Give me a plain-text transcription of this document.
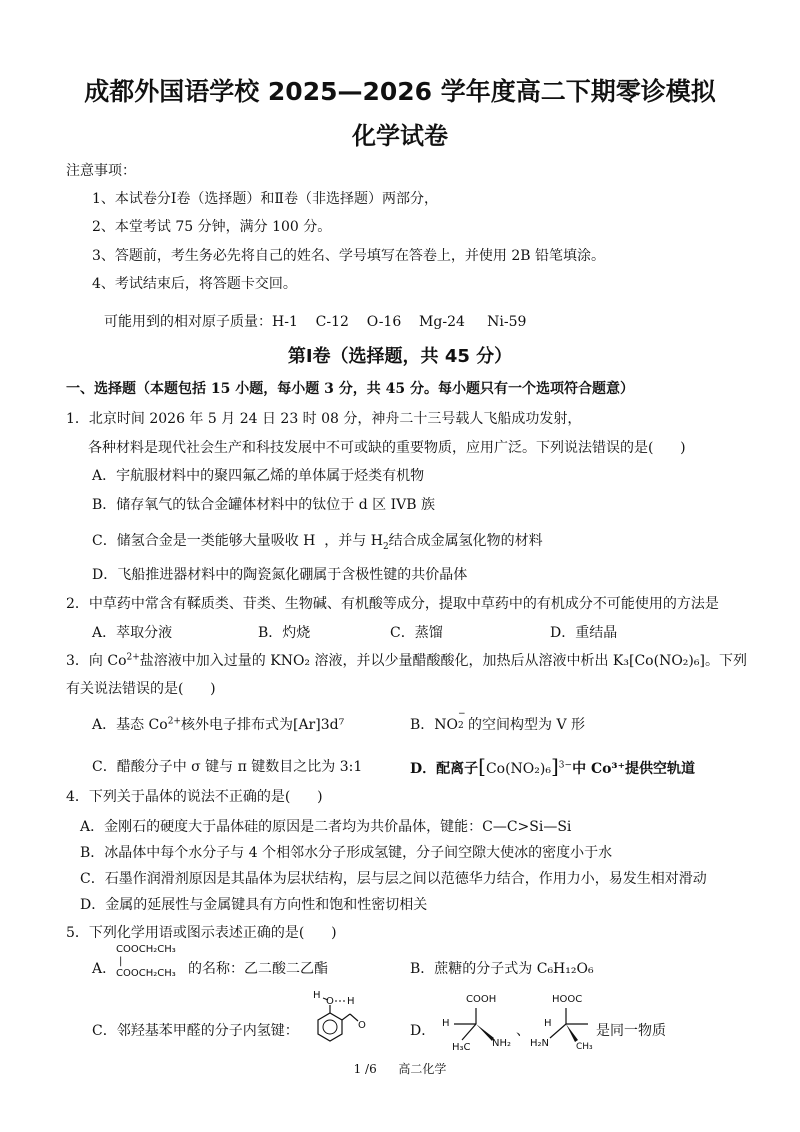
成都外国语学校 2025—2026 学年度高二下期零诊模拟
化学试卷
注意事项：
1、本试卷分Ⅰ卷（选择题）和Ⅱ卷（非选择题）两部分，
2、本堂考试 75 分钟，满分 100 分。
3、答题前，考生务必先将自己的姓名、学号填写在答卷上，并使用 2B 铅笔填涂。
4、考试结束后，将答题卡交回。
可能用到的相对原子质量：H-1    C-12    O-16    Mg-24     Ni-59
第Ⅰ卷（选择题，共 45 分）
一、选择题（本题包括 15 小题，每小题 3 分，共 45 分。每小题只有一个选项符合题意）
1．北京时间 2026 年 5 月 24 日 23 时 08 分，神舟二十三号载人飞船成功发射，
各种材料是现代社会生产和科技发展中不可或缺的重要物质，应用广泛。下列说法错误的是(      )
A．宇航服材料中的聚四氟乙烯的单体属于烃类有机物
B．储存氧气的钛合金罐体材料中的钛位于 d 区 IVB 族
C．储氢合金是一类能够大量吸收 H  ，并与 $H_2$结合成金属氢化物的材料
D．飞船推进器材料中的陶瓷氮化硼属于含极性键的共价晶体
2．中草药中常含有鞣质类、苷类、生物碱、有机酸等成分，提取中草药中的有机成分不可能使用的方法是
A．萃取分液	B．灼烧	C．蒸馏	D．重结晶
3．向 $Co^{2+}$盐溶液中加入过量的 KNO₂ 溶液，并以少量醋酸酸化，加热后从溶液中析出 K₃[Co(NO₂)₆]。下列
有关说法错误的是(      )
A．基态 $Co^{2+}$核外电子排布式为[Ar]3d⁷	B．NO
−
2 的空间构型为 V 形
C．醋酸分子中 σ 键与 π 键数目之比为 3:1	D．配离子$[Co(NO_2)_6]^{3-}$中 Co³⁺提供空轨道
4．下列关于晶体的说法不正确的是(      )
A．金刚石的硬度大于晶体硅的原因是二者均为共价晶体，键能：C—C>Si—Si
B．冰晶体中每个水分子与 4 个相邻水分子形成氢键，分子间空隙大使冰的密度小于水
C．石墨作润滑剂原因是其晶体为层状结构，层与层之间以范德华力结合，作用力小，易发生相对滑动
D．金属的延展性与金属键具有方向性和饱和性密切相关
5．下列化学用语或图示表述正确的是(      )
A．
COOCH₂CH₃
|
COOCH₂CH₃ 的名称：乙二酸二乙酯	B．蔗糖的分子式为 C₆H₁₂O₆
C．邻羟基苯甲醛的分子内氢键：
H
O H
O	D．
COOH
H
NH₂
H₃C
、
HOOC
H
H₂N	CH₃
是同一物质
1 /6 高二化学
